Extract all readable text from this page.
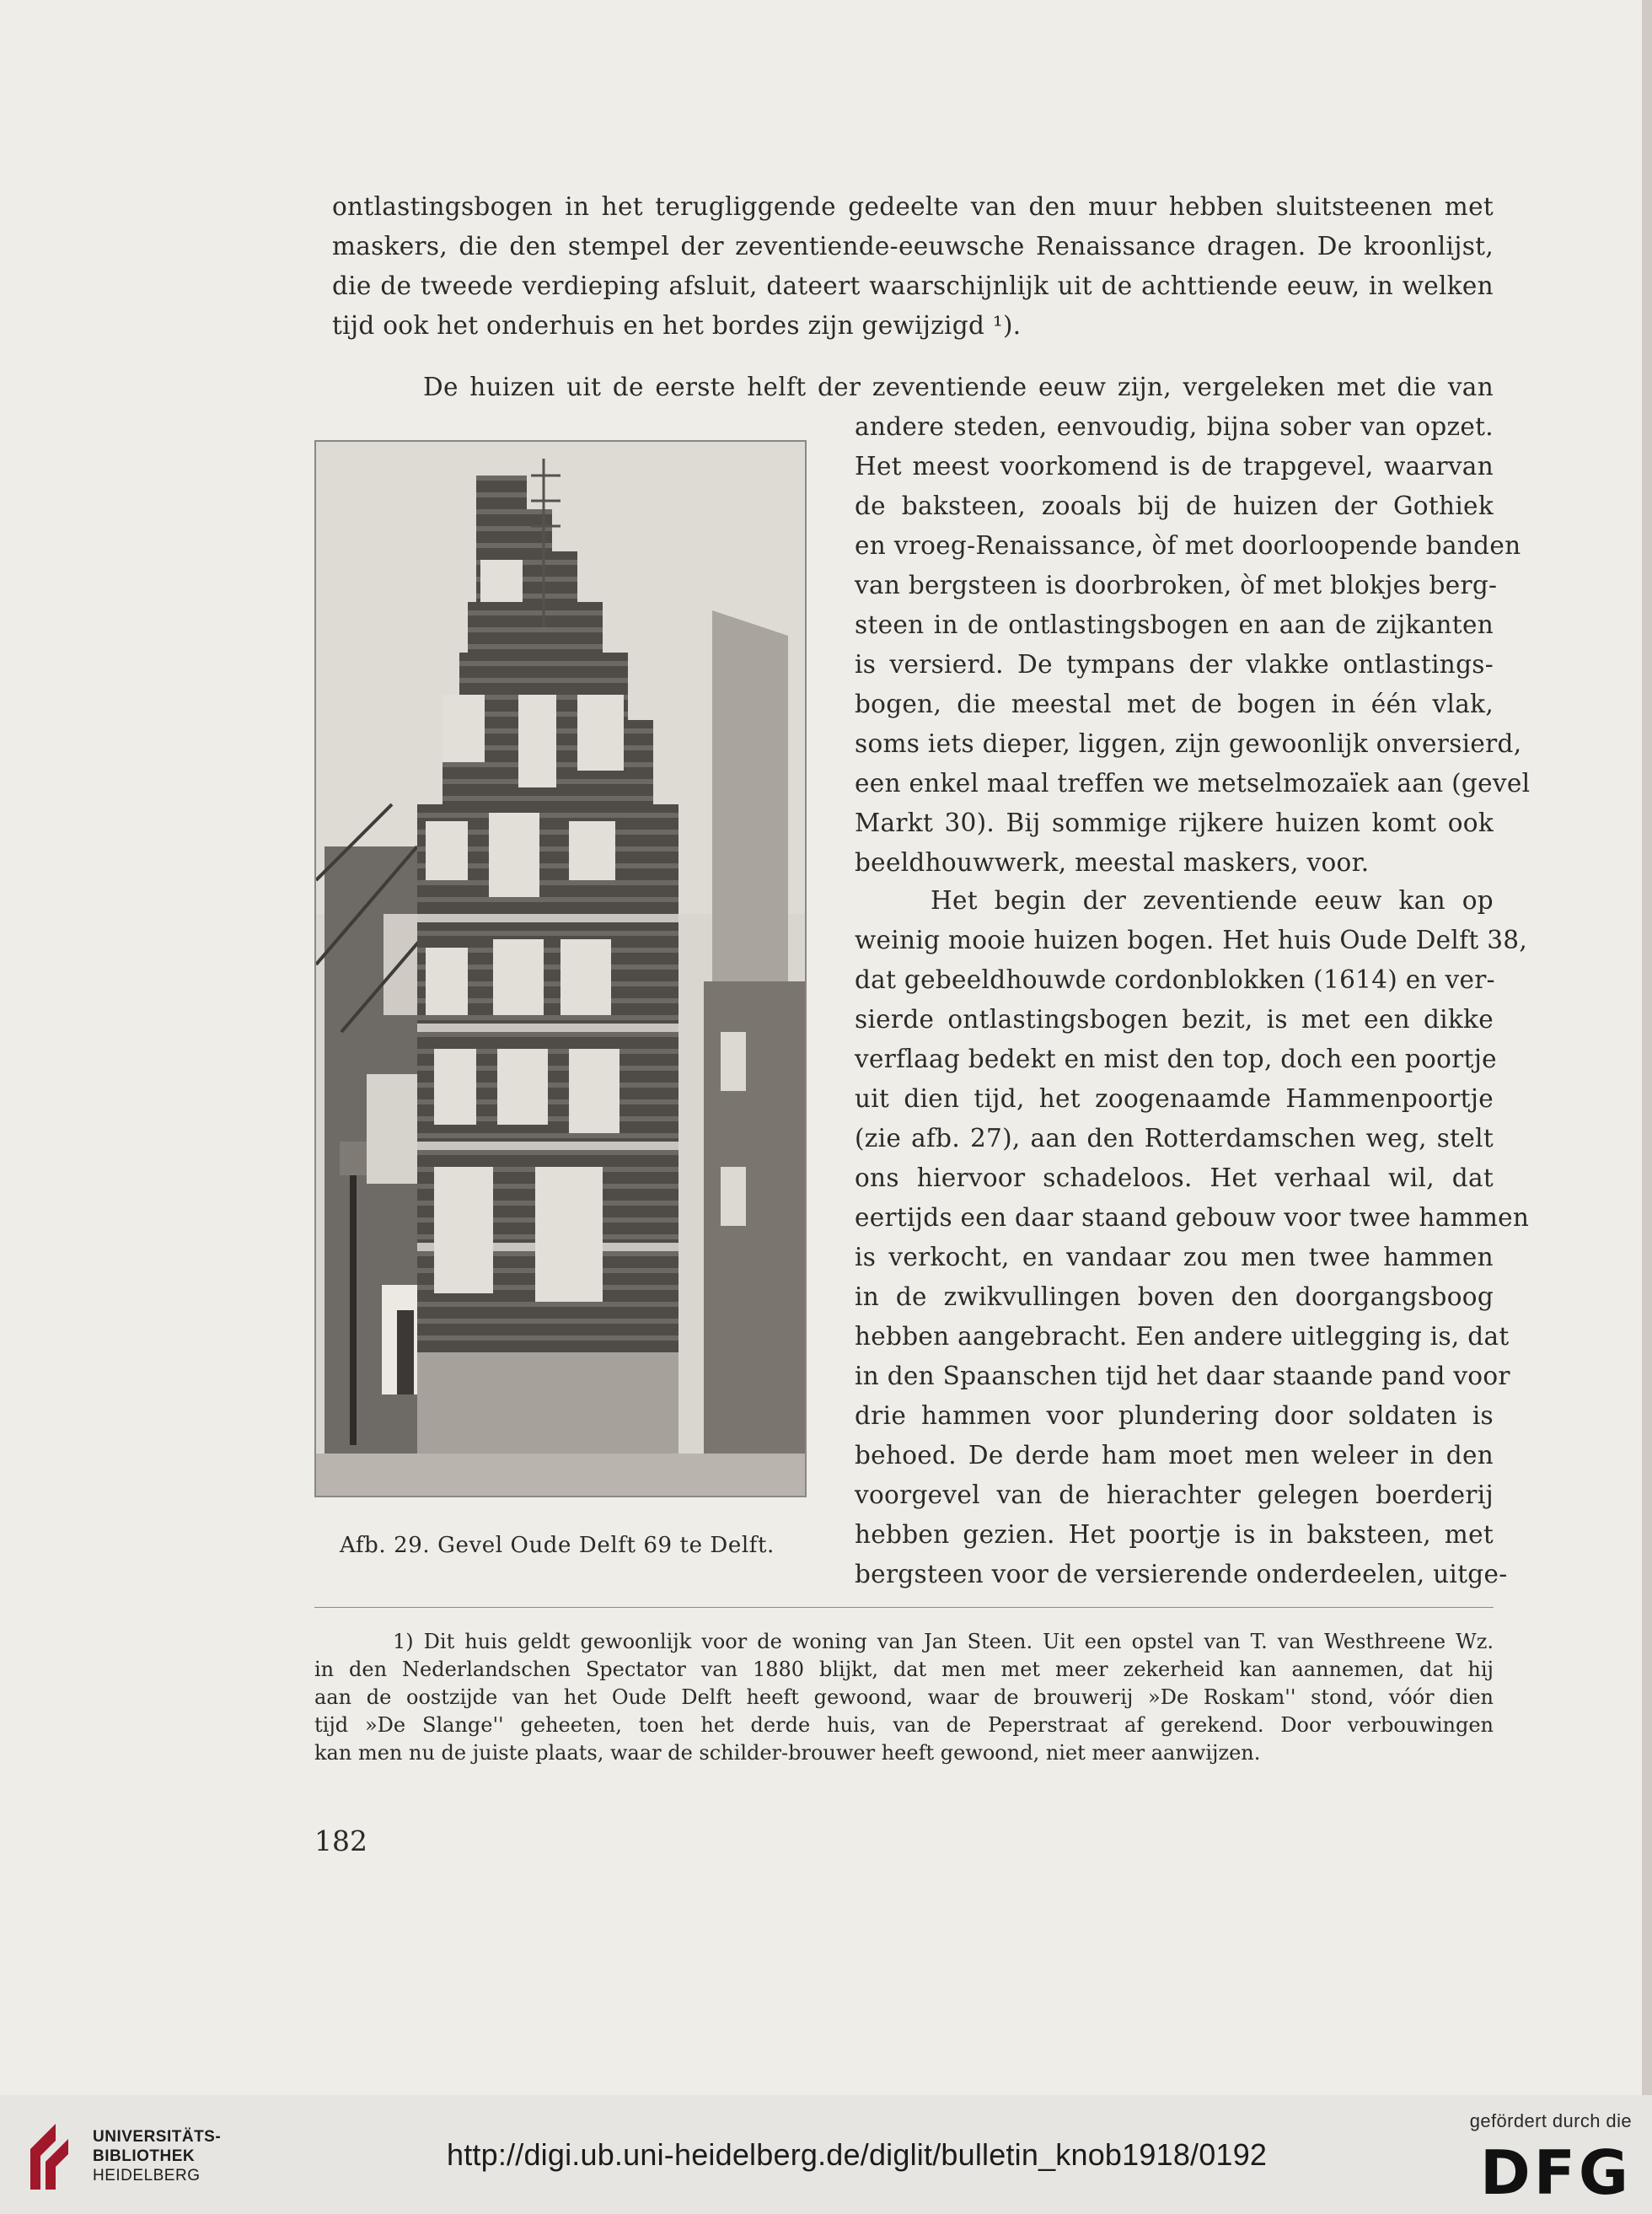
ontlastingsbogen in het terugliggende gedeelte van den muur hebben sluitsteenen met
maskers, die den stempel der zeventiende-eeuwsche Renaissance dragen. De kroonlijst,
die de tweede verdieping afsluit, dateert waarschijnlijk uit de achttiende eeuw, in welken
tijd ook het onderhuis en het bordes zijn gewijzigd ¹).

De huizen uit de eerste helft der zeventiende eeuw zijn, vergeleken met die van
andere steden, eenvoudig, bijna sober van opzet.
Het meest voorkomend is de trapgevel, waarvan
de baksteen, zooals bij de huizen der Gothiek
en vroeg-Renaissance, òf met doorloopende banden
van bergsteen is doorbroken, òf met blokjes berg-
steen in de ontlastingsbogen en aan de zijkanten
is versierd. De tympans der vlakke ontlastings-
bogen, die meestal met de bogen in één vlak,
soms iets dieper, liggen, zijn gewoonlijk onversierd,
een enkel maal treffen we metselmozaïek aan (gevel
Markt 30). Bij sommige rijkere huizen komt ook
beeldhouwwerk, meestal maskers, voor.

Het begin der zeventiende eeuw kan op
weinig mooie huizen bogen. Het huis Oude Delft 38,
dat gebeeldhouwde cordonblokken (1614) en ver-
sierde ontlastingsbogen bezit, is met een dikke
verflaag bedekt en mist den top, doch een poortje
uit dien tijd, het zoogenaamde Hammenpoortje
(zie afb. 27), aan den Rotterdamschen weg, stelt
ons hiervoor schadeloos. Het verhaal wil, dat
eertijds een daar staand gebouw voor twee hammen
is verkocht, en vandaar zou men twee hammen
in de zwikvullingen boven den doorgangsboog
hebben aangebracht. Een andere uitlegging is, dat
in den Spaanschen tijd het daar staande pand voor
drie hammen voor plundering door soldaten is
behoed. De derde ham moet men weleer in den
voorgevel van de hierachter gelegen boerderij
hebben gezien. Het poortje is in baksteen, met
bergsteen voor de versierende onderdeelen, uitge-

Afb. 29. Gevel Oude Delft 69 te Delft.

1) Dit huis geldt gewoonlijk voor de woning van Jan Steen. Uit een opstel van T. van Westhreene Wz.
in den Nederlandschen Spectator van 1880 blijkt, dat men met meer zekerheid kan aannemen, dat hij
aan de oostzijde van het Oude Delft heeft gewoond, waar de brouwerij »De Roskam'' stond, vóór dien
tijd »De Slange'' geheeten, toen het derde huis, van de Peperstraat af gerekend. Door verbouwingen
kan men nu de juiste plaats, waar de schilder-brouwer heeft gewoond, niet meer aanwijzen.

182
UNIVERSITÄTS-
BIBLIOTHEK
HEIDELBERG
http://digi.ub.uni-heidelberg.de/diglit/bulletin_knob1918/0192
gefördert durch die
DFG
